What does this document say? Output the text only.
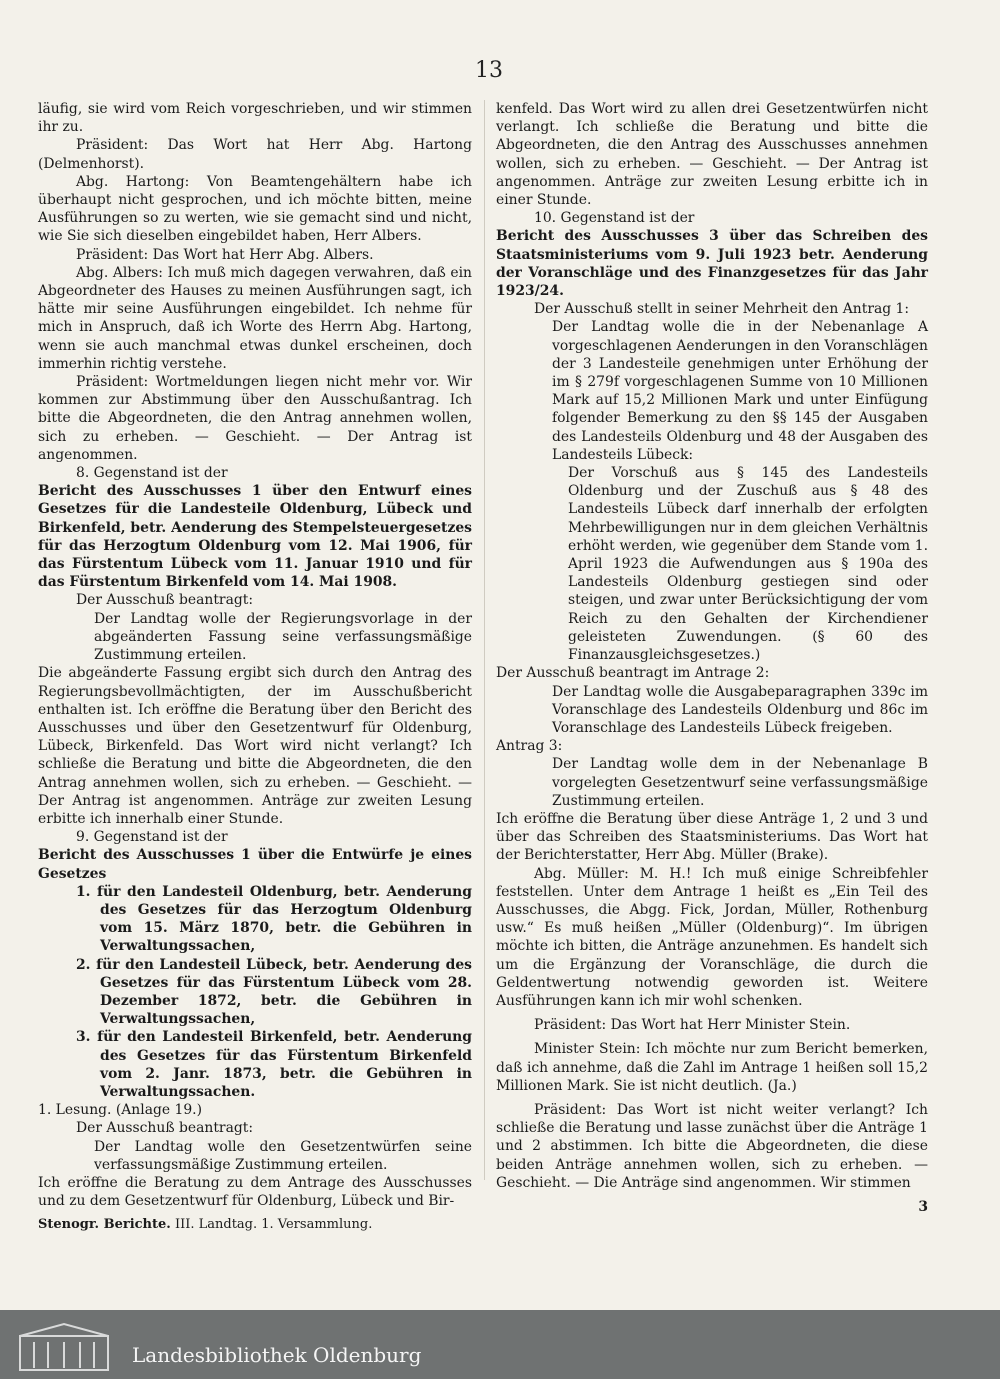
13

läufig, sie wird vom Reich vorgeschrieben, und wir stimmen ihr zu.

Präsident: Das Wort hat Herr Abg. Hartong (Delmenhorst).

Abg. Hartong: Von Beamtengehältern habe ich überhaupt nicht gesprochen, und ich möchte bitten, meine Ausführungen so zu werten, wie sie gemacht sind und nicht, wie Sie sich dieselben eingebildet haben, Herr Albers.

Präsident: Das Wort hat Herr Abg. Albers.

Abg. Albers: Ich muß mich dagegen verwahren, daß ein Abgeordneter des Hauses zu meinen Ausführungen sagt, ich hätte mir seine Ausführungen eingebildet. Ich nehme für mich in Anspruch, daß ich Worte des Herrn Abg. Hartong, wenn sie auch manchmal etwas dunkel erscheinen, doch immerhin richtig verstehe.

Präsident: Wortmeldungen liegen nicht mehr vor. Wir kommen zur Abstimmung über den Ausschußantrag. Ich bitte die Abgeordneten, die den Antrag annehmen wollen, sich zu erheben. — Geschieht. — Der Antrag ist angenommen.

8. Gegenstand ist der

Bericht des Ausschusses 1 über den Entwurf eines Gesetzes für die Landesteile Oldenburg, Lübeck und Birkenfeld, betr. Aenderung des Stempelsteuergesetzes für das Herzogtum Oldenburg vom 12. Mai 1906, für das Fürstentum Lübeck vom 11. Januar 1910 und für das Fürstentum Birkenfeld vom 14. Mai 1908.

Der Ausschuß beantragt:

Der Landtag wolle der Regierungsvorlage in der abgeänderten Fassung seine verfassungsmäßige Zustimmung erteilen.

Die abgeänderte Fassung ergibt sich durch den Antrag des Regierungsbevollmächtigten, der im Ausschußbericht enthalten ist. Ich eröffne die Beratung über den Bericht des Ausschusses und über den Gesetzentwurf für Oldenburg, Lübeck, Birkenfeld. Das Wort wird nicht verlangt? Ich schließe die Beratung und bitte die Abgeordneten, die den Antrag annehmen wollen, sich zu erheben. — Geschieht. — Der Antrag ist angenommen. Anträge zur zweiten Lesung erbitte ich innerhalb einer Stunde.

9. Gegenstand ist der

Bericht des Ausschusses 1 über die Entwürfe je eines Gesetzes

1. für den Landesteil Oldenburg, betr. Aenderung des Gesetzes für das Herzogtum Oldenburg vom 15. März 1870, betr. die Gebühren in Verwaltungssachen,
2. für den Landesteil Lübeck, betr. Aenderung des Gesetzes für das Fürstentum Lübeck vom 28. Dezember 1872, betr. die Gebühren in Verwaltungssachen,
3. für den Landesteil Birkenfeld, betr. Aenderung des Gesetzes für das Fürstentum Birkenfeld vom 2. Janr. 1873, betr. die Gebühren in Verwaltungssachen.

1. Lesung. (Anlage 19.)

Der Ausschuß beantragt:

Der Landtag wolle den Gesetzentwürfen seine verfassungsmäßige Zustimmung erteilen.

Ich eröffne die Beratung zu dem Antrage des Ausschusses und zu dem Gesetzentwurf für Oldenburg, Lübeck und Bir-

Stenogr. Berichte.
III. Landtag. 1. Versammlung.

kenfeld. Das Wort wird zu allen drei Gesetzentwürfen nicht verlangt. Ich schließe die Beratung und bitte die Abgeordneten, die den Antrag des Ausschusses annehmen wollen, sich zu erheben. — Geschieht. — Der Antrag ist angenommen. Anträge zur zweiten Lesung erbitte ich in einer Stunde.

10. Gegenstand ist der

Bericht des Ausschusses 3 über das Schreiben des Staatsministeriums vom 9. Juli 1923 betr. Aenderung der Voranschläge und des Finanzgesetzes für das Jahr 1923/24.

Der Ausschuß stellt in seiner Mehrheit den Antrag 1:

Der Landtag wolle die in der Nebenanlage A vorgeschlagenen Aenderungen in den Voranschlägen der 3 Landesteile genehmigen unter Erhöhung der im § 279f vorgeschlagenen Summe von 10 Millionen Mark auf 15,2 Millionen Mark und unter Einfügung folgender Bemerkung zu den §§ 145 der Ausgaben des Landesteils Oldenburg und 48 der Ausgaben des Landesteils Lübeck:

Der Vorschuß aus § 145 des Landesteils Oldenburg und der Zuschuß aus § 48 des Landesteils Lübeck darf innerhalb der erfolgten Mehrbewilligungen nur in dem gleichen Verhältnis erhöht werden, wie gegenüber dem Stande vom 1. April 1923 die Aufwendungen aus § 190a des Landesteils Oldenburg gestiegen sind oder steigen, und zwar unter Berücksichtigung der vom Reich zu den Gehalten der Kirchendiener geleisteten Zuwendungen. (§ 60 des Finanzausgleichsgesetzes.)

Der Ausschuß beantragt im Antrage 2:

Der Landtag wolle die Ausgabeparagraphen 339c im Voranschlage des Landesteils Oldenburg und 86c im Voranschlage des Landesteils Lübeck freigeben.

Antrag 3:

Der Landtag wolle dem in der Nebenanlage B vorgelegten Gesetzentwurf seine verfassungsmäßige Zustimmung erteilen.

Ich eröffne die Beratung über diese Anträge 1, 2 und 3 und über das Schreiben des Staatsministeriums. Das Wort hat der Berichterstatter, Herr Abg. Müller (Brake).

Abg. Müller: M. H.! Ich muß einige Schreibfehler feststellen. Unter dem Antrage 1 heißt es „Ein Teil des Ausschusses, die Abgg. Fick, Jordan, Müller, Rothenburg usw.“ Es muß heißen „Müller (Oldenburg)“. Im übrigen möchte ich bitten, die Anträge anzunehmen. Es handelt sich um die Ergänzung der Voranschläge, die durch die Geldentwertung notwendig geworden ist. Weitere Ausführungen kann ich mir wohl schenken.

Präsident: Das Wort hat Herr Minister Stein.

Minister Stein: Ich möchte nur zum Bericht bemerken, daß ich annehme, daß die Zahl im Antrage 1 heißen soll 15,2 Millionen Mark. Sie ist nicht deutlich. (Ja.)

Präsident: Das Wort ist nicht weiter verlangt? Ich schließe die Beratung und lasse zunächst über die Anträge 1 und 2 abstimmen. Ich bitte die Abgeordneten, die diese beiden Anträge annehmen wollen, sich zu erheben. — Geschieht. — Die Anträge sind angenommen. Wir stimmen

3
Landesbibliothek Oldenburg
